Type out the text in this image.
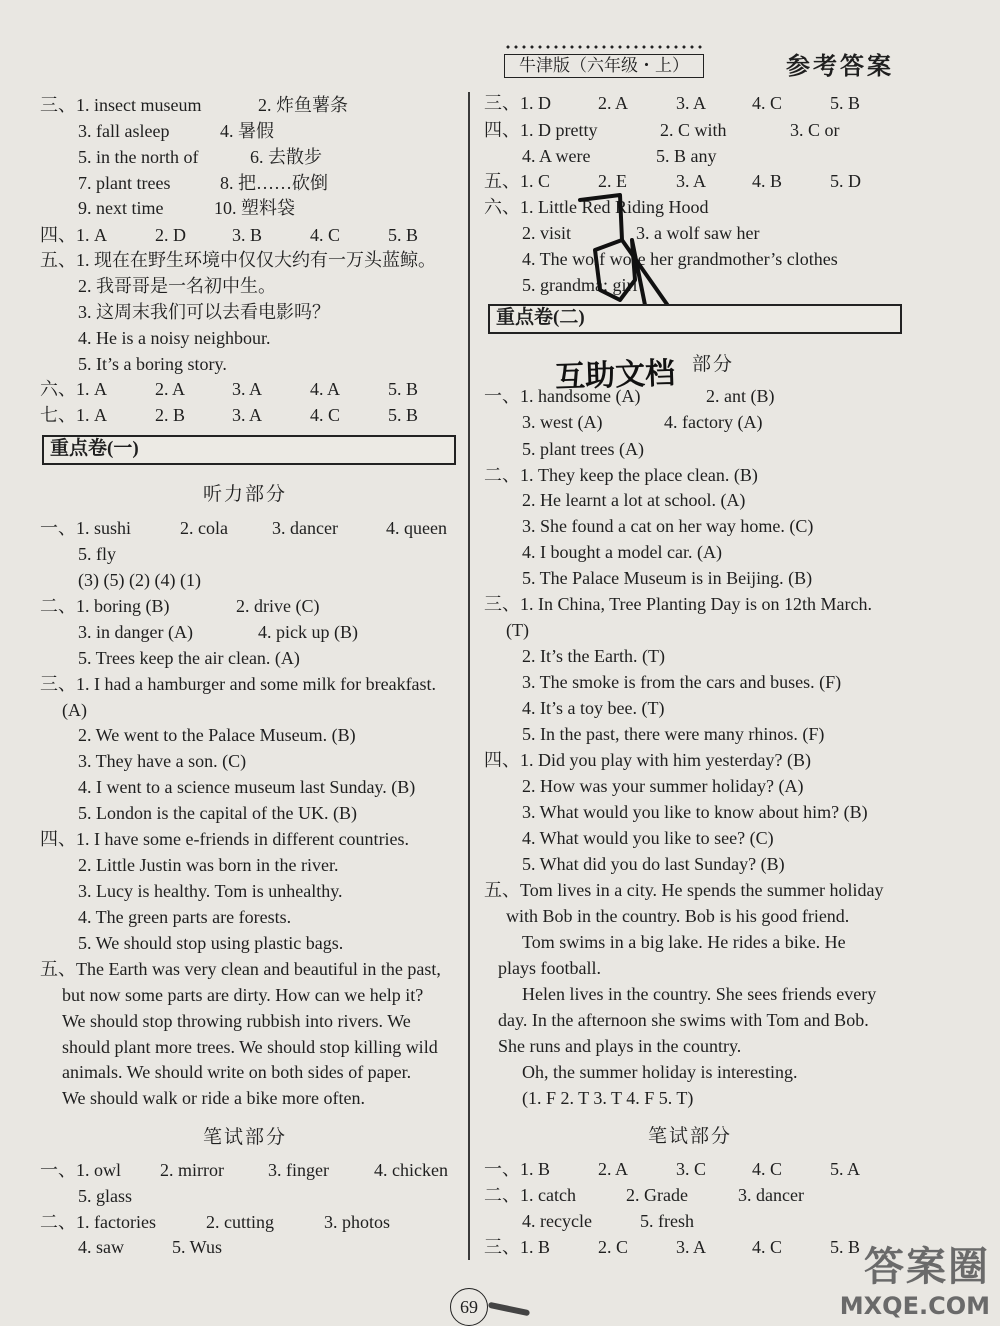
牛津版（六年级・上）	参考答案
三、1. insect museum	2. 炸鱼薯条
3. fall asleep	4. 暑假
5. in the north of	6. 去散步
7. plant trees	8. 把……砍倒
9. next time	10. 塑料袋
四、1. A	2. D	3. B	4. C	5. B
五、1. 现在在野生环境中仅仅大约有一万头蓝鲸。
2. 我哥哥是一名初中生。
3. 这周末我们可以去看电影吗？
4. He is a noisy neighbour.
5. It’s a boring story.
六、1. A	2. A	3. A	4. A	5. B
七、1. A	2. B	3. A	4. C	5. B
重点卷(一)
听力部分
一、1. sushi	2. cola 3. dancer	4. queen
5. fly
(3) (5) (2) (4) (1)
二、1. boring (B)	2. drive (C)
3. in danger (A)	4. pick up (B)
5. Trees keep the air clean. (A)
三、1. I had a hamburger and some milk for breakfast.
(A)
2. We went to the Palace Museum. (B)
3. They have a son. (C)
4. I went to a science museum last Sunday. (B)
5. London is the capital of the UK. (B)
四、1. I have some e-friends in different countries.
2. Little Justin was born in the river.
3. Lucy is healthy. Tom is unhealthy.
4. The green parts are forests.
5. We should stop using plastic bags.
五、The Earth was very clean and beautiful in the past,
but now some parts are dirty. How can we help it?
We should stop throwing rubbish into rivers. We
should plant more trees. We should stop killing wild
animals. We should write on both sides of paper.
We should walk or ride a bike more often.
笔试部分
一、1. owl 2. mirror 3. finger	4. chicken
5. glass
二、1. factories	2. cutting	3. photos
4. saw	5. Wus
三、1. D	2. A	3. A	4. C	5. B
四、1. D pretty	2. C with	3. C or
4. A were	5. B any
五、1. C	2. E	3. A	4. B	5. D
六、1. Little Red Riding Hood
2. visit	3. a wolf saw her
4. The wolf wore her grandmother’s clothes
5. grandma; girl
重点卷(二)
互助文档 部分
一、1. handsome (A)	2. ant (B)
3. west (A)	4. factory (A)
5. plant trees (A)
二、1. They keep the place clean. (B)
2. He learnt a lot at school. (A)
3. She found a cat on her way home. (C)
4. I bought a model car. (A)
5. The Palace Museum is in Beijing. (B)
三、1. In China, Tree Planting Day is on 12th March.
(T)
2. It’s the Earth. (T)
3. The smoke is from the cars and buses. (F)
4. It’s a toy bee. (T)
5. In the past, there were many rhinos. (F)
四、1. Did you play with him yesterday? (B)
2. How was your summer holiday? (A)
3. What would you like to know about him? (B)
4. What would you like to see? (C)
5. What did you do last Sunday? (B)
五、Tom lives in a city. He spends the summer holiday
with Bob in the country. Bob is his good friend.
Tom swims in a big lake. He rides a bike. He
plays football.
Helen lives in the country. She sees friends every
day. In the afternoon she swims with Tom and Bob.
She runs and plays in the country.
Oh, the summer holiday is interesting.
(1. F 2. T 3. T 4. F 5. T)
笔试部分
一、1. B	2. A	3. C	4. C	5. A
二、1. catch	2. Grade	3. dancer
4. recycle	5. fresh
三、1. B	2. C	3. A	4. C	5. B
69
答案圈
MXQE.COM
